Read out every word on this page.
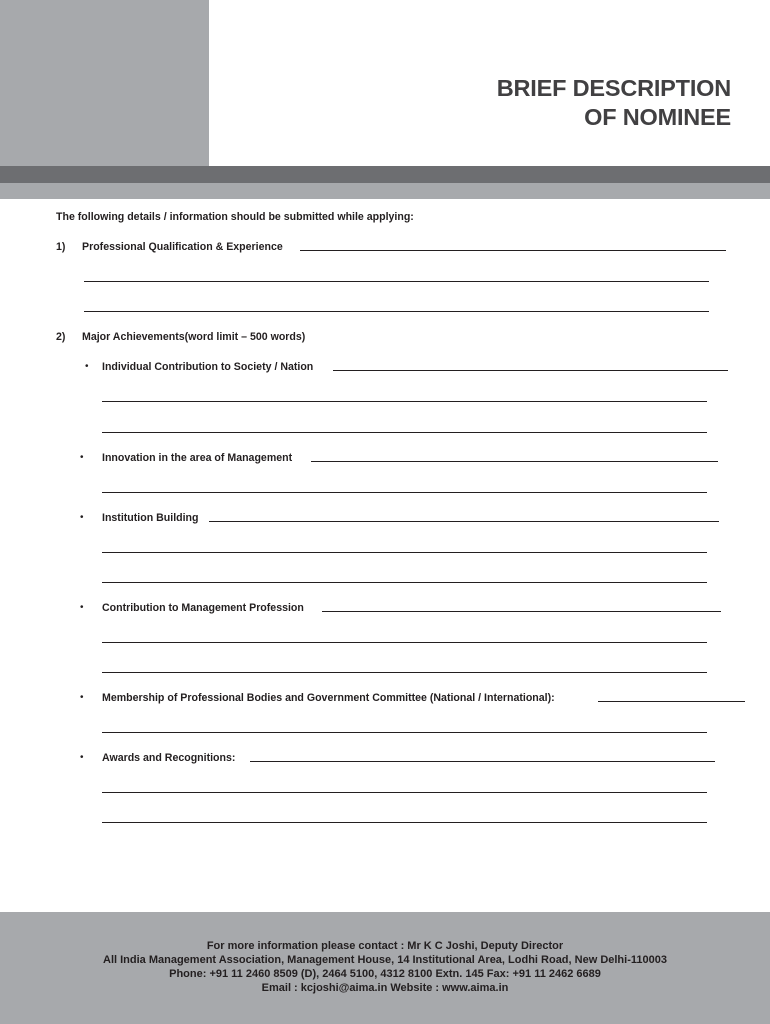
BRIEF DESCRIPTION
OF NOMINEE
The following details / information should be submitted while applying:
1) Professional Qualification & Experience
2) Major Achievements(word limit – 500 words)
• Individual Contribution to Society / Nation
• Innovation in the area of Management
• Institution Building
• Contribution to Management Profession
• Membership of Professional Bodies and Government Committee (National / International):
• Awards and Recognitions:
For more information please contact : Mr K C Joshi, Deputy Director
All India Management Association, Management House, 14 Institutional Area, Lodhi Road, New Delhi-110003
Phone: +91 11 2460 8509 (D), 2464 5100, 4312 8100 Extn. 145 Fax: +91 11 2462 6689
Email : kcjoshi@aima.in Website : www.aima.in
